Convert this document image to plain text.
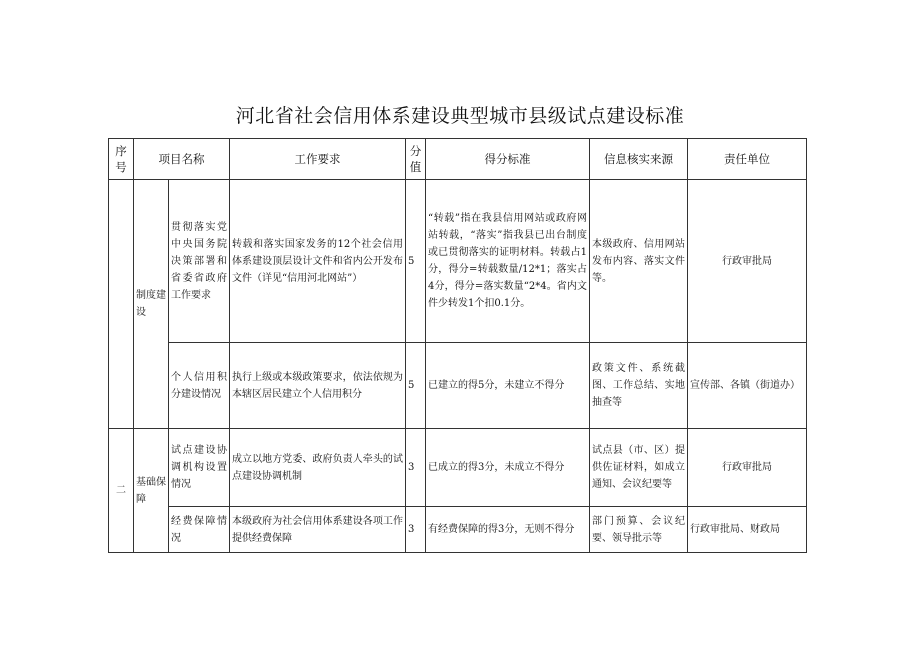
河北省社会信用体系建设典型城市县级试点建设标准
序号	项目名称		工作要求	分值	得分标准	信息核实来源	责任单位
	制度建设	贯彻落实党中央国务院决策部署和省委省政府工作要求	转载和落实国家发务的12个社会信用体系建设顶层设计文件和省内公开发布文件（详见“信用河北网站”）	5	“转载”指在我县信用网站或政府网站转载，“落实”指我县已出台制度或已贯彻落实的证明材料。转载占1分，得分=转载数量/12*1；落实占4分，得分=落实数量“2*4。省内文件少转发1个扣0.1分。	本级政府、信用网站发布内容、落实文件等。	行政审批局
		个人信用积分建设情况	执行上级或本级政策要求，依法依规为本辖区居民建立个人信用积分	5	已建立的得5分，未建立不得分	政策文件、系统截图、工作总结、实地抽查等	宣传部、各镇（街道办）
二	基础保障	试点建设协调机构设置情况	成立以地方党委、政府负责人牵头的试点建设协调机制	3	已成立的得3分，未成立不得分	试点县（市、区）提供佐证材料，如成立通知、会议纪要等	行政审批局
		经费保障情况	本级政府为社会信用体系建设各项工作提供经费保障	3	有经费保障的得3分，无则不得分	部门预算、会议纪要、领导批示等	行政审批局、财政局
